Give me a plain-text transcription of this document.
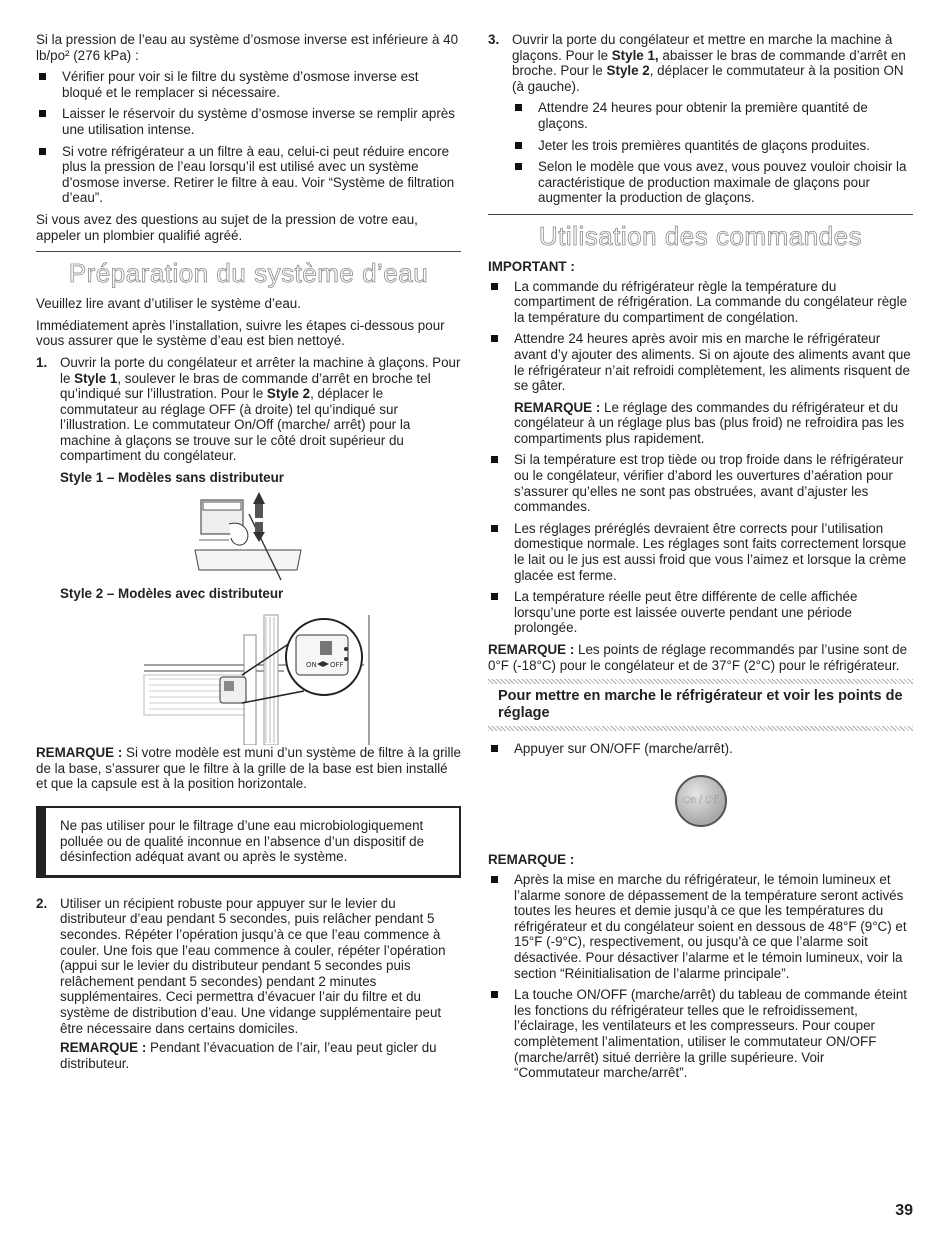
Si la pression de l’eau au système d’osmose inverse est inférieure à 40 lb/po² (276 kPa) :

Vérifier pour voir si le filtre du système d’osmose inverse est bloqué et le remplacer si nécessaire.
Laisser le réservoir du système d’osmose inverse se remplir après une utilisation intense.
Si votre réfrigérateur a un filtre à eau, celui-ci peut réduire encore plus la pression de l’eau lorsqu’il est utilisé avec un système d’osmose inverse. Retirer le filtre à eau. Voir “Système de filtration d’eau”.

Si vous avez des questions au sujet de la pression de votre eau, appeler un plombier qualifié agréé.

Préparation du système d’eau

Veuillez lire avant d’utiliser le système d’eau.

Immédiatement après l’installation, suivre les étapes ci-dessous pour vous assurer que le système d’eau est bien nettoyé.

1. Ouvrir la porte du congélateur et arrêter la machine à glaçons. Pour le Style 1, soulever le bras de commande d’arrêt en broche tel qu’indiqué sur l’illustration. Pour le Style 2, déplacer le commutateur au réglage OFF (à droite) tel qu’indiqué sur l’illustration. Le commutateur On/Off (marche/ arrêt) pour la machine à glaçons se trouve sur le côté droit supérieur du compartiment du congélateur.
Style 1 – Modèles sans distributeur
Style 2 – Modèles avec distributeur
ON OFF

REMARQUE : Si votre modèle est muni d’un système de filtre à la grille de la base, s’assurer que le filtre à la grille de la base est bien installé et que la capsule est à la position horizontale.

Ne pas utiliser pour le filtrage d’une eau microbiologiquement polluée ou de qualité inconnue en l’absence d’un dispositif de désinfection adéquat avant ou après le système.
2. Utiliser un récipient robuste pour appuyer sur le levier du distributeur d’eau pendant 5 secondes, puis relâcher pendant 5 secondes. Répéter l’opération jusqu’à ce que l’eau commence à couler. Une fois que l’eau commence à couler, répéter l’opération (appui sur le levier du distributeur pendant 5 secondes puis relâchement pendant 5 secondes) pendant 2 minutes supplémentaires. Ceci permettra d’évacuer l’air du filtre et du système de distribution d’eau. Une vidange supplémentaire peut être nécessaire dans certains domiciles.

REMARQUE : Pendant l’évacuation de l’air, l’eau peut gicler du distributeur.

3. Ouvrir la porte du congélateur et mettre en marche la machine à glaçons. Pour le Style 1, abaisser le bras de commande d’arrêt en broche. Pour le Style 2, déplacer le commutateur à la position ON (à gauche).
Attendre 24 heures pour obtenir la première quantité de glaçons.
Jeter les trois premières quantités de glaçons produites.
Selon le modèle que vous avez, vous pouvez vouloir choisir la caractéristique de production maximale de glaçons pour augmenter la production de glaçons.
Utilisation des commandes
IMPORTANT :
La commande du réfrigérateur règle la température du compartiment de réfrigération. La commande du congélateur règle la température du compartiment de congélation.
Attendre 24 heures après avoir mis en marche le réfrigérateur avant d’y ajouter des aliments. Si on ajoute des aliments avant que le réfrigérateur n’ait refroidi complètement, les aliments risquent de se gâter.

REMARQUE : Le réglage des commandes du réfrigérateur et du congélateur à un réglage plus bas (plus froid) ne refroidira pas les compartiments plus rapidement.

Si la température est trop tiède ou trop froide dans le réfrigérateur ou le congélateur, vérifier d’abord les ouvertures d’aération pour s’assurer qu’elles ne sont pas obstruées, avant d’ajuster les commandes.
Les réglages préréglés devraient être corrects pour l’utilisation domestique normale. Les réglages sont faits correctement lorsque le lait ou le jus est aussi froid que vous l’aimez et lorsque la crème glacée est ferme.
La température réelle peut être différente de celle affichée lorsqu’une porte est laissée ouverte pendant une période prolongée.

REMARQUE : Les points de réglage recommandés par l’usine sont de 0°F (-18°C) pour le congélateur et de 37°F (2°C) pour le réfrigérateur.

Pour mettre en marche le réfrigérateur et voir les points de réglage
Appuyer sur ON/OFF (marche/arrêt).
On / Off
REMARQUE :
Après la mise en marche du réfrigérateur, le témoin lumineux et l’alarme sonore de dépassement de la température seront activés toutes les heures et demie jusqu’à ce que les températures du réfrigérateur et du congélateur soient en dessous de 48°F (9°C) et 15°F (-9°C), respectivement, ou jusqu’à ce que l’alarme soit désactivée. Pour désactiver l’alarme et le témoin lumineux, voir la section “Réinitialisation de l’alarme principale”.
La touche ON/OFF (marche/arrêt) du tableau de commande éteint les fonctions du réfrigérateur telles que le refroidissement, l’éclairage, les ventilateurs et les compresseurs. Pour couper complètement l’alimentation, utiliser le commutateur ON/OFF (marche/arrêt) situé derrière la grille supérieure. Voir “Commutateur marche/arrêt”.
39
